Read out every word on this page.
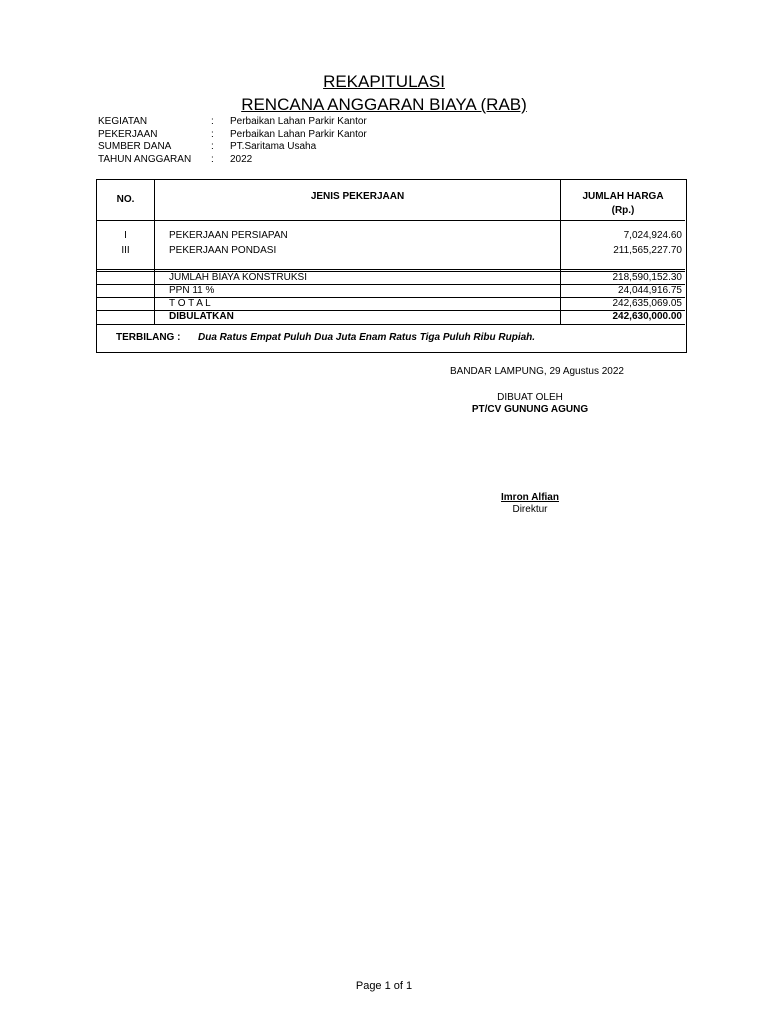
REKAPITULASI
RENCANA ANGGARAN BIAYA (RAB)
KEGIATAN	: Perbaikan Lahan Parkir Kantor
PEKERJAAN	: Perbaikan Lahan Parkir Kantor
SUMBER DANA	: PT.Saritama Usaha
TAHUN ANGGARAN	: 2022
NO.	JENIS PEKERJAAN	JUMLAH HARGA
(Rp.)
I	PEKERJAAN PERSIAPAN	7,024,924.60
III	PEKERJAAN PONDASI	211,565,227.70
JUMLAH BIAYA KONSTRUKSI	218,590,152.30
PPN 11 %	24,044,916.75
T O T A L	242,635,069.05
DIBULATKAN	242,630,000.00
TERBILANG : Dua Ratus Empat Puluh Dua Juta Enam Ratus Tiga Puluh Ribu Rupiah.
BANDAR LAMPUNG, 29 Agustus 2022
DIBUAT OLEH
PT/CV GUNUNG AGUNG
Imron Alfian
Direktur
Page 1 of 1
